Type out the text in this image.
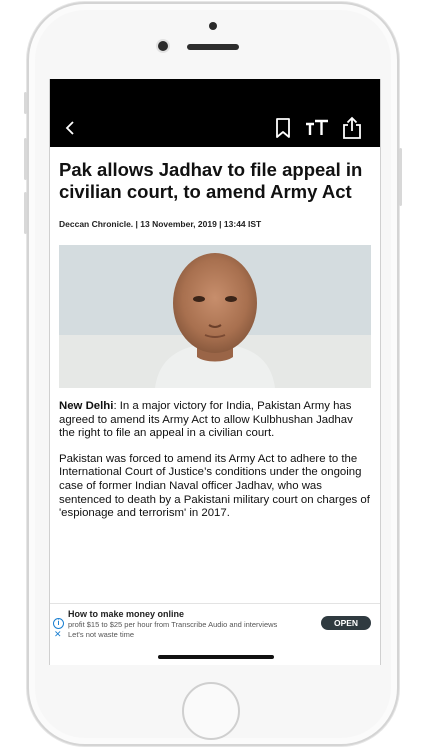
Pak allows Jadhav to file appeal in civilian court, to amend Army Act
Deccan Chronicle. | 13 November, 2019 | 13:44 IST

New Delhi: In a major victory for India, Pakistan Army has agreed to amend its Army Act to allow Kulbhushan Jadhav the right to file an appeal in a civilian court.

Pakistan was forced to amend its Army Act to adhere to the International Court of Justice’s conditions under the ongoing case of former Indian Naval officer Jadhav, who was sentenced to death by a Pakistani military court on charges of 'espionage and terrorism' in 2017.

i
✕
How to make money online
profit $15 to $25 per hour from Transcribe Audio and interviews Let's not waste time
OPEN
